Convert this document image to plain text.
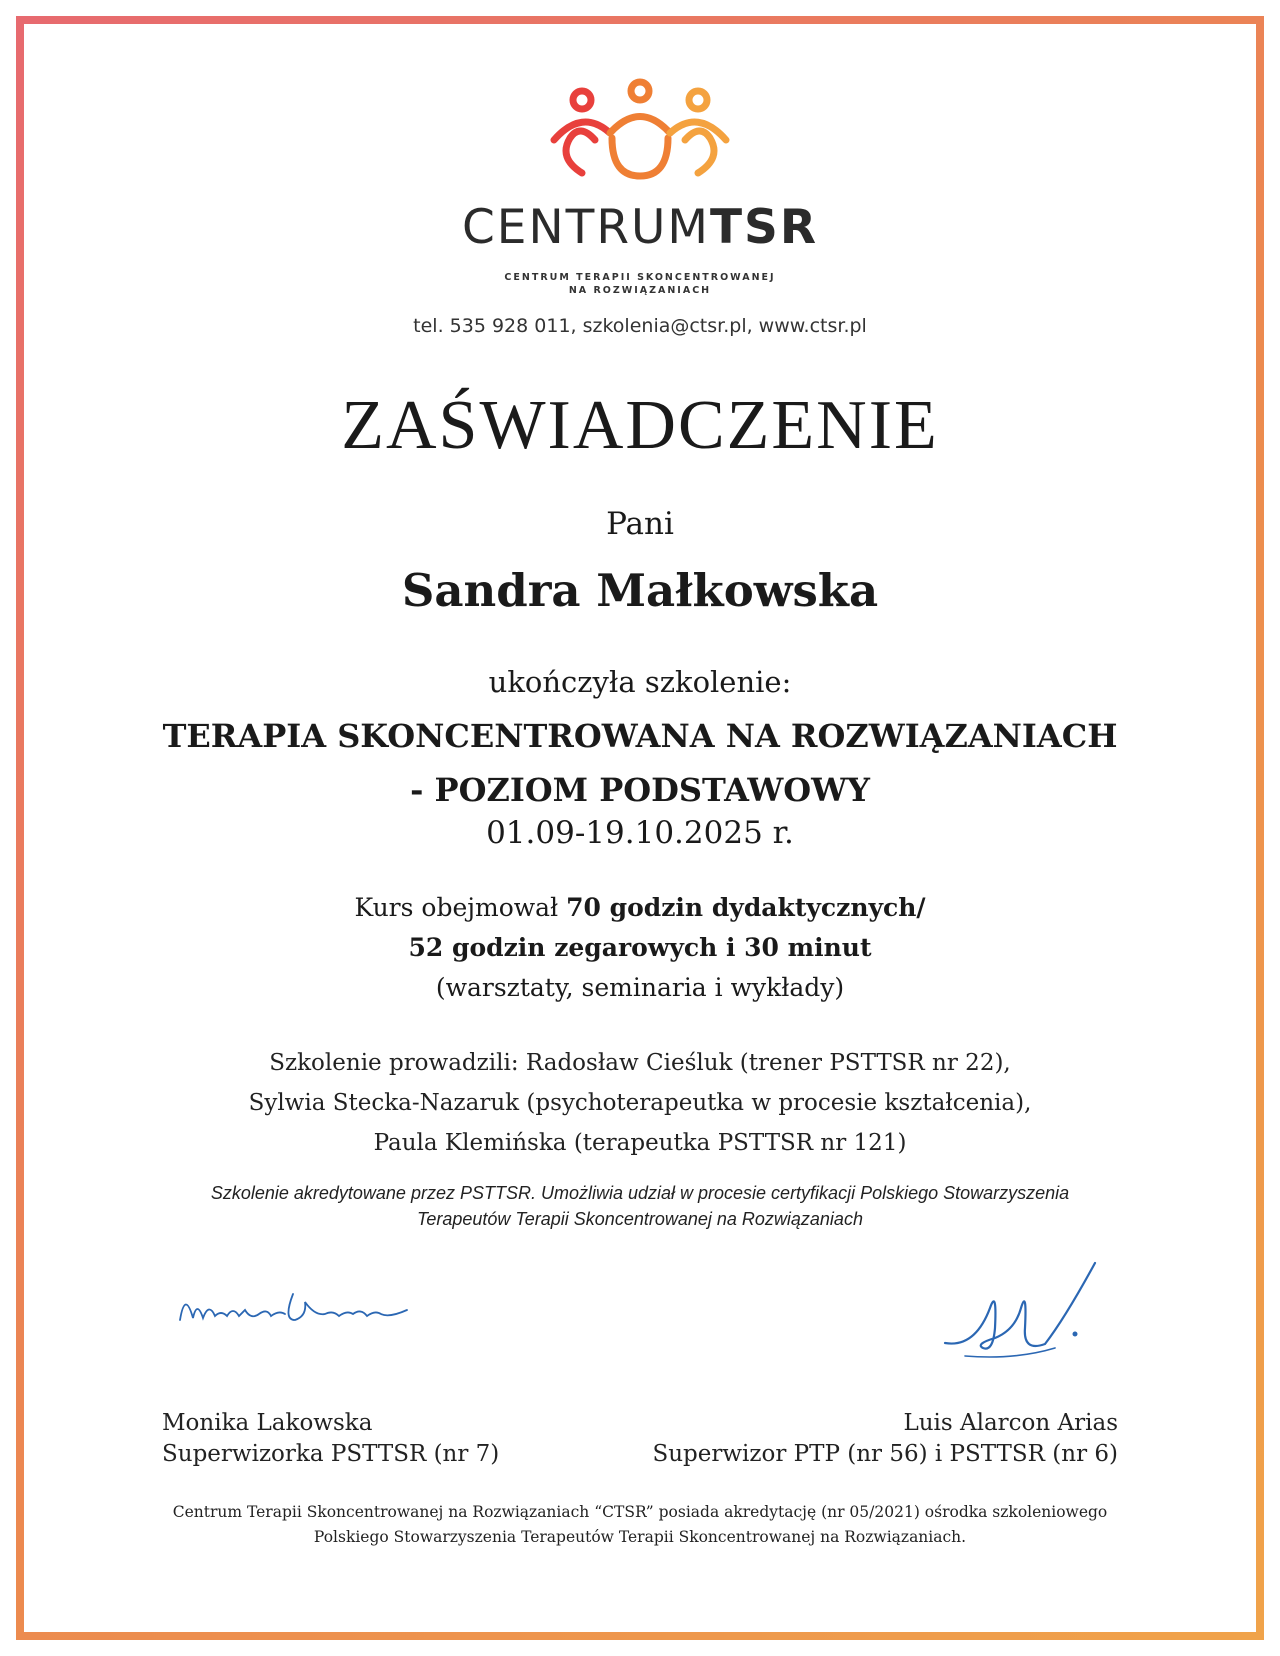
CENTRUMTSR
CENTRUM TERAPII SKONCENTROWANEJ
NA ROZWIĄZANIACH
tel. 535 928 011, szkolenia@ctsr.pl, www.ctsr.pl
ZAŚWIADCZENIE
Pani
Sandra Małkowska
ukończyła szkolenie:
TERAPIA SKONCENTROWANA NA ROZWIĄZANIACH
- POZIOM PODSTAWOWY
01.09-19.10.2025 r.
Kurs obejmował 70 godzin dydaktycznych/
52 godzin zegarowych i 30 minut
(warsztaty, seminaria i wykłady)
Szkolenie prowadzili: Radosław Cieśluk (trener PSTTSR nr 22),
Sylwia Stecka-Nazaruk (psychoterapeutka w procesie kształcenia),
Paula Klemińska (terapeutka PSTTSR nr 121)
Szkolenie akredytowane przez PSTTSR. Umożliwia udział w procesie certyfikacji Polskiego Stowarzyszenia
Terapeutów Terapii Skoncentrowanej na Rozwiązaniach
Monika Lakowska
Superwizorka PSTTSR (nr 7)
Luis Alarcon Arias
Superwizor PTP (nr 56) i PSTTSR (nr 6)
Centrum Terapii Skoncentrowanej na Rozwiązaniach “CTSR” posiada akredytację (nr 05/2021) ośrodka szkoleniowego
Polskiego Stowarzyszenia Terapeutów Terapii Skoncentrowanej na Rozwiązaniach.
